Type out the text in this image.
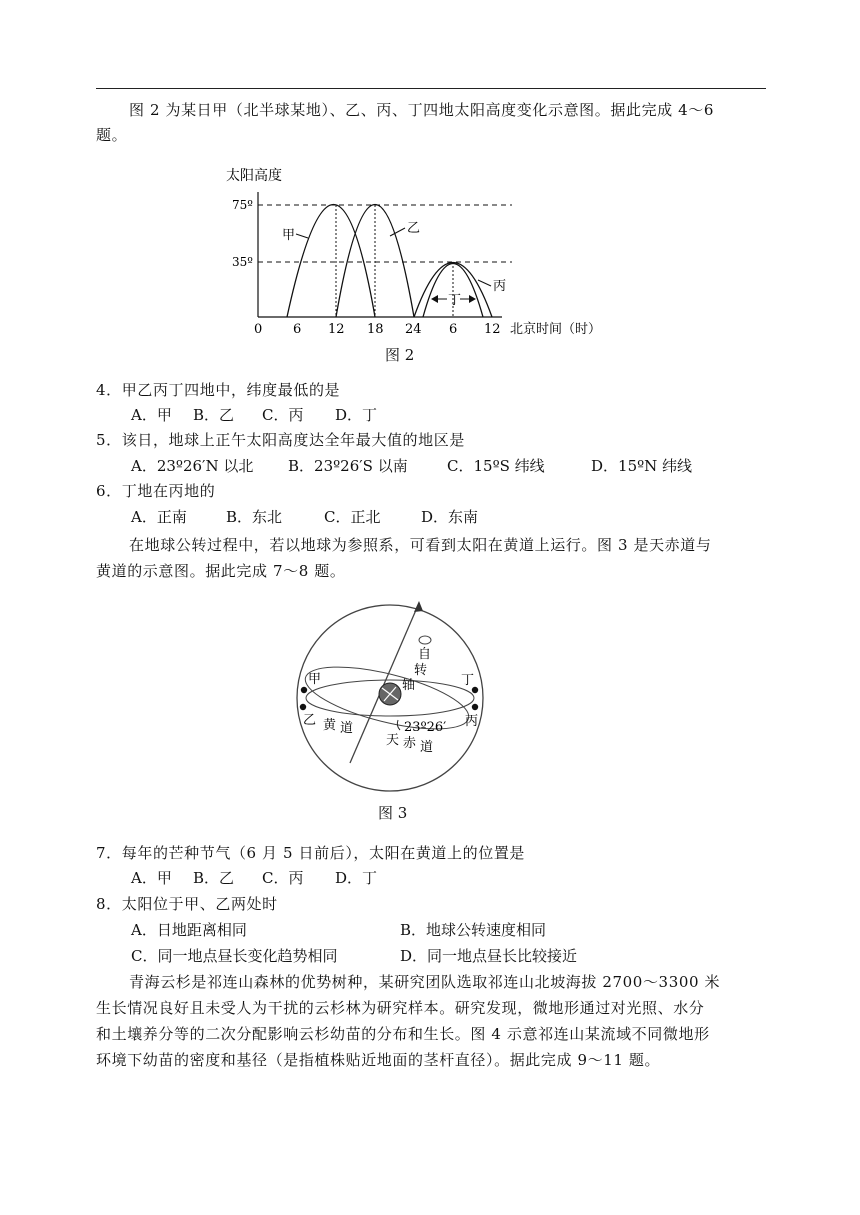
图 2 为某日甲（北半球某地）、乙、丙、丁四地太阳高度变化示意图。据此完成 4～6
题。
太阳高度
75º
35º
0 6 12 18 24 6 12 北京时间（时）
甲	乙
丙
丁
图 2
4．甲乙丙丁四地中，纬度最低的是
A．甲 B．乙 C．丙 D．丁
5．该日，地球上正午太阳高度达全年最大值的地区是
A．23º26′N 以北 B．23º26′S 以南	C．15ºS 纬线	D．15ºN 纬线
6．丁地在丙地的
A．正南	B．东北	C．正北	D．东南
在地球公转过程中，若以地球为参照系，可看到太阳在黄道上运行。图 3 是天赤道与
黄道的示意图。据此完成 7～8 题。
甲
乙
丁
丙
自
转
轴
黄 道
天 赤 道
23º26′
图 3
7．每年的芒种节气（6 月 5 日前后），太阳在黄道上的位置是
A．甲 B．乙 C．丙 D．丁
8．太阳位于甲、乙两处时
A．日地距离相同	B．地球公转速度相同
C．同一地点昼长变化趋势相同	D．同一地点昼长比较接近
青海云杉是祁连山森林的优势树种，某研究团队选取祁连山北坡海拔 2700～3300 米
生长情况良好且未受人为干扰的云杉林为研究样本。研究发现，微地形通过对光照、水分
和土壤养分等的二次分配影响云杉幼苗的分布和生长。图 4 示意祁连山某流域不同微地形
环境下幼苗的密度和基径（是指植株贴近地面的茎杆直径）。据此完成 9～11 题。
